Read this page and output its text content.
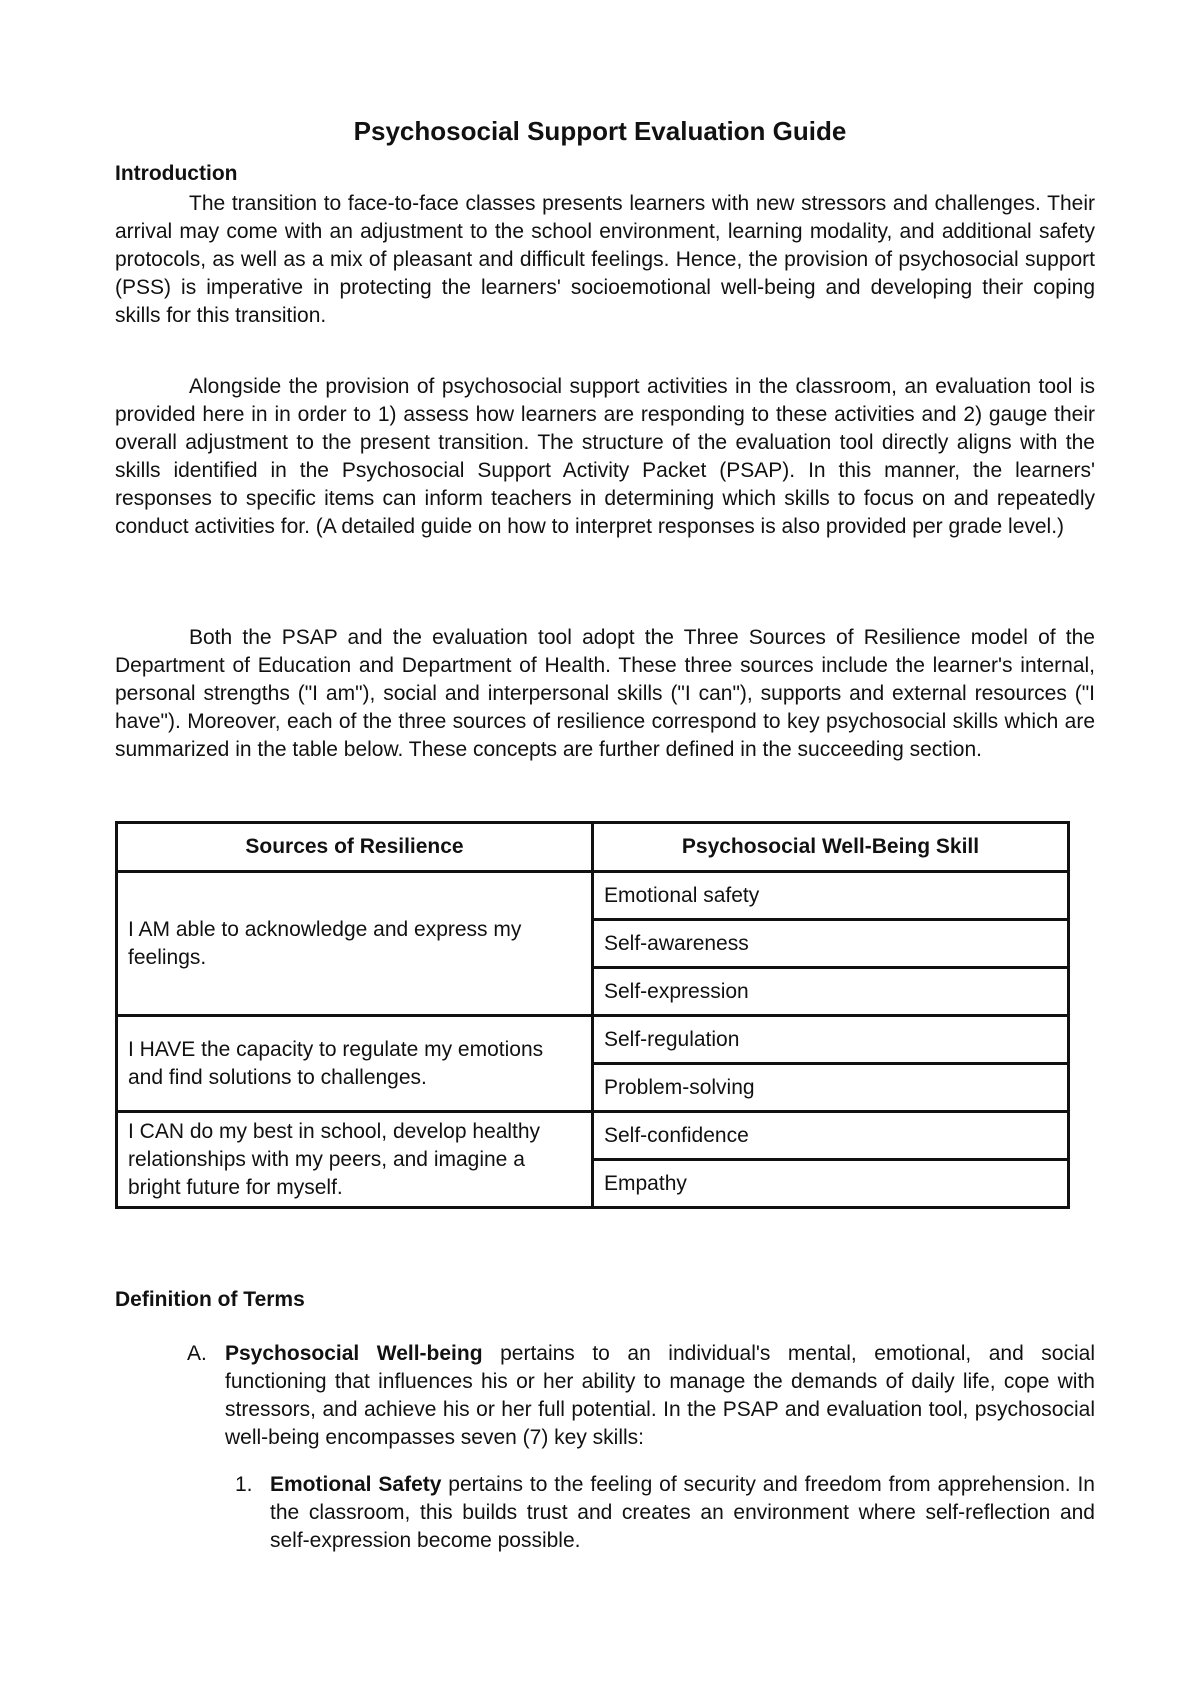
Psychosocial Support Evaluation Guide
Introduction

The transition to face-to-face classes presents learners with new stressors and challenges. Their arrival may come with an adjustment to the school environment, learning modality, and additional safety protocols, as well as a mix of pleasant and difficult feelings. Hence, the provision of psychosocial support (PSS) is imperative in protecting the learners' socioemotional well-being and developing their coping skills for this transition.

Alongside the provision of psychosocial support activities in the classroom, an evaluation tool is provided here in in order to 1) assess how learners are responding to these activities and 2) gauge their overall adjustment to the present transition. The structure of the evaluation tool directly aligns with the skills identified in the Psychosocial Support Activity Packet (PSAP). In this manner, the learners' responses to specific items can inform teachers in determining which skills to focus on and repeatedly conduct activities for. (A detailed guide on how to interpret responses is also provided per grade level.)

Both the PSAP and the evaluation tool adopt the Three Sources of Resilience model of the Department of Education and Department of Health. These three sources include the learner's internal, personal strengths ("I am"), social and interpersonal skills ("I can"), supports and external resources ("I have"). Moreover, each of the three sources of resilience correspond to key psychosocial skills which are summarized in the table below. These concepts are further defined in the succeeding section.

Sources of Resilience	Psychosocial Well-Being Skill
I AM able to acknowledge and express my feelings.	Emotional safety
	Self-awareness
	Self-expression
I HAVE the capacity to regulate my emotions and find solutions to challenges.	Self-regulation
	Problem-solving
I CAN do my best in school, develop healthy relationships with my peers, and imagine a bright future for myself.	Self-confidence
	Empathy
Definition of Terms
A. Psychosocial Well-being pertains to an individual's mental, emotional, and social functioning that influences his or her ability to manage the demands of daily life, cope with stressors, and achieve his or her full potential. In the PSAP and evaluation tool, psychosocial well-being encompasses seven (7) key skills:

1. Emotional Safety pertains to the feeling of security and freedom from apprehension. In the classroom, this builds trust and creates an environment where self-reflection and self-expression become possible.
